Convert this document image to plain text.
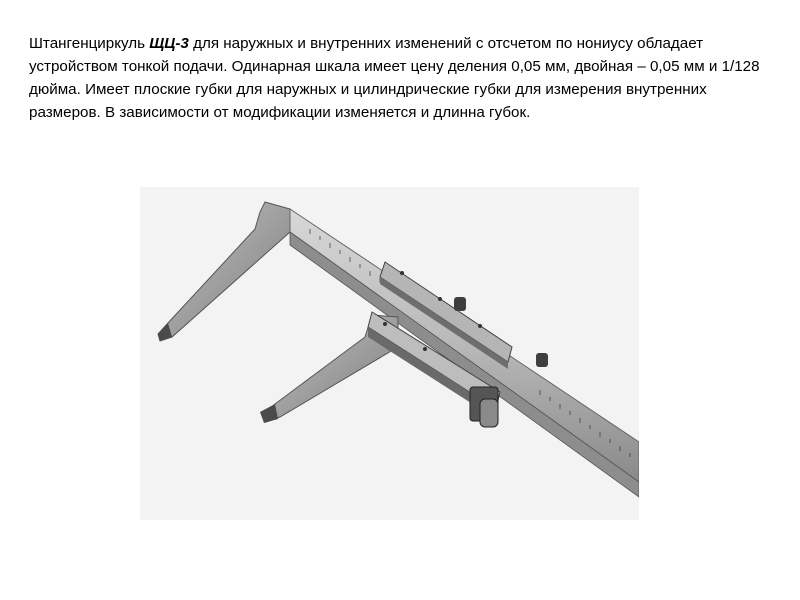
Штангенциркуль ЩЦ-3 для наружных и внутренних изменений с отсчетом по нониусу обладает устройством тонкой подачи. Одинарная шкала имеет цену деления 0,05 мм, двойная – 0,05 мм и 1/128 дюйма. Имеет плоские губки для наружных и цилиндрические губки для измерения внутренних размеров. В зависимости от модификации изменяется и длинна губок.
